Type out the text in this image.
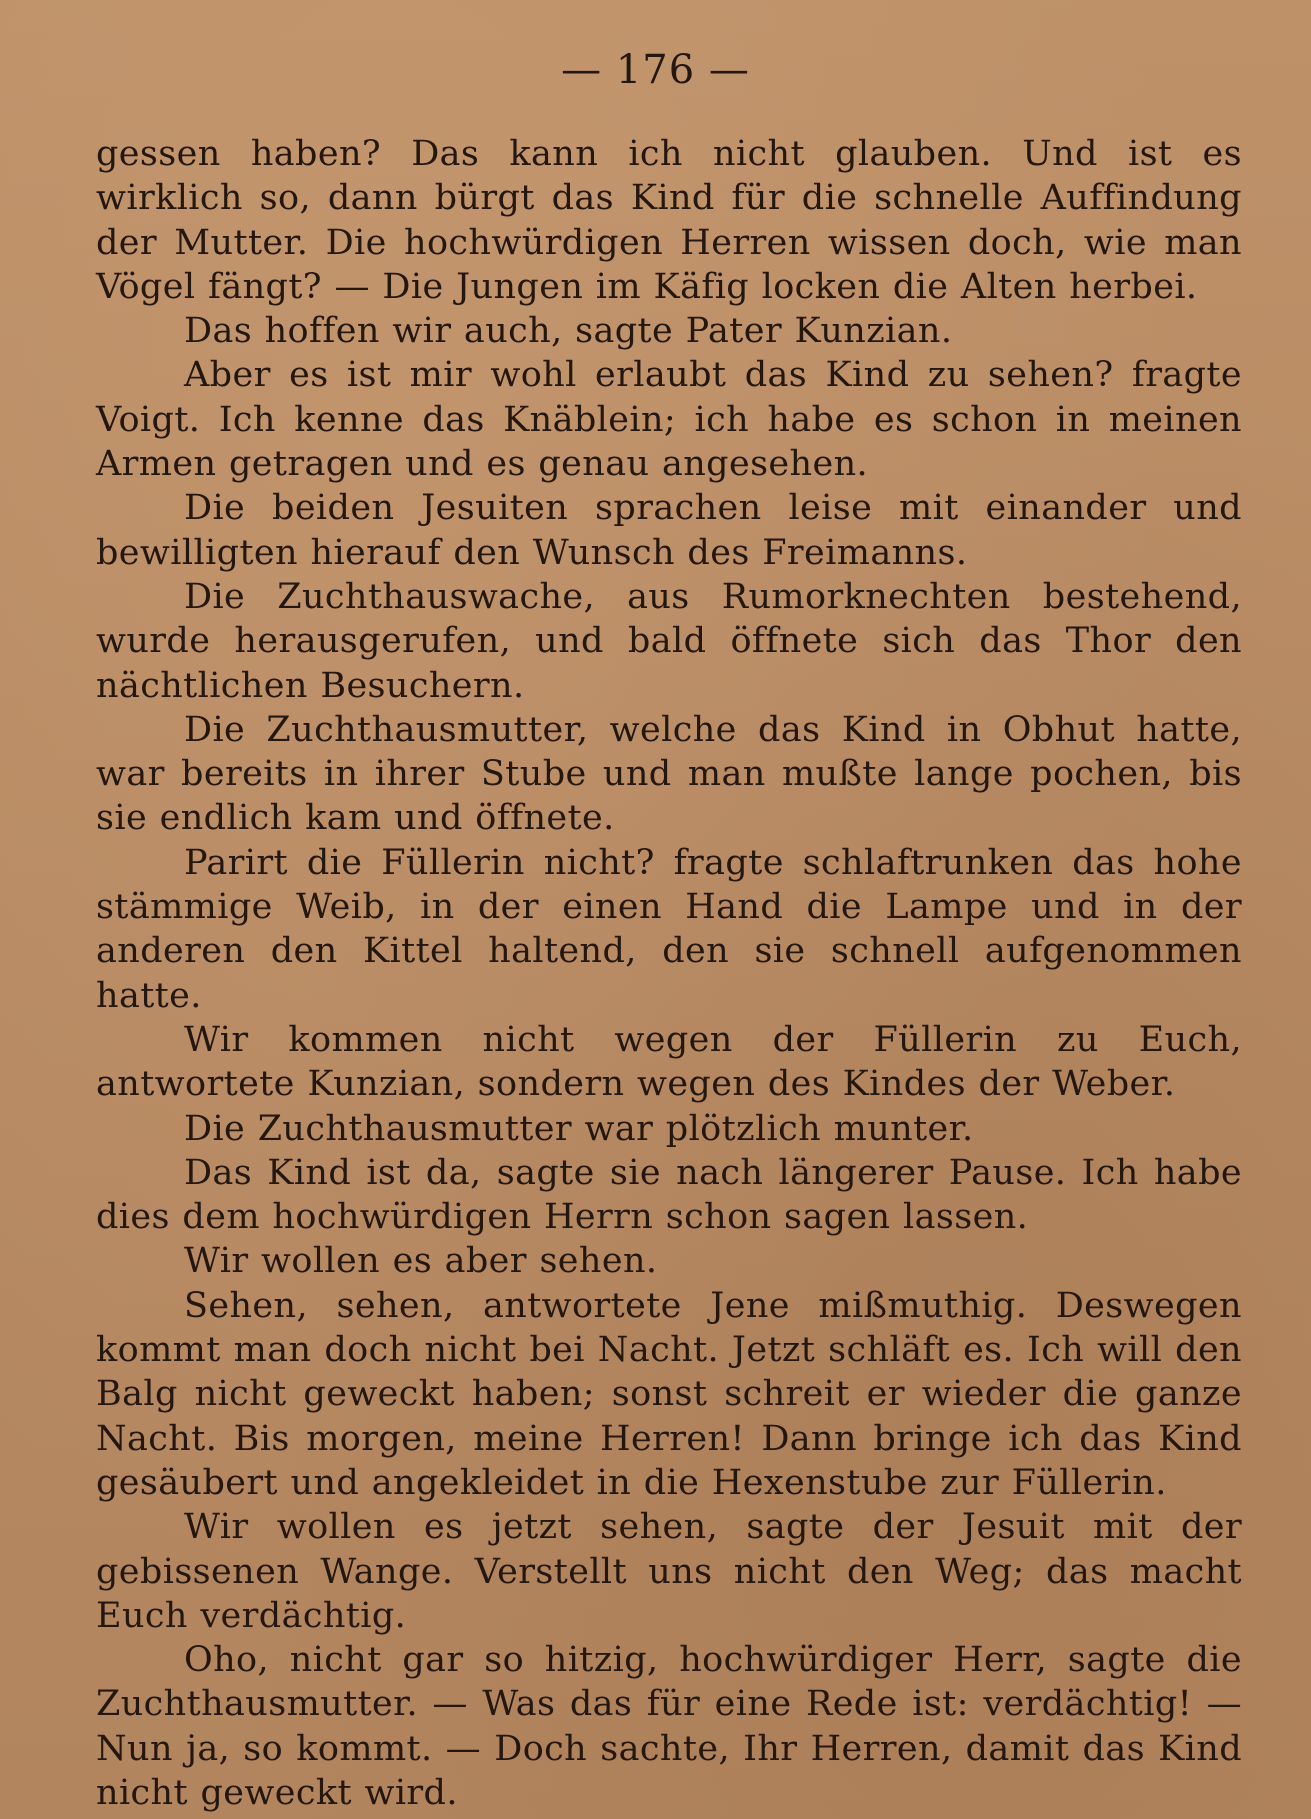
— 176 —

gessen haben? Das kann ich nicht glauben. Und ist es wirklich so, dann bürgt das Kind für die schnelle Auffindung der Mutter. Die hochwürdigen Herren wissen doch, wie man Vögel fängt? — Die Jungen im Käfig locken die Alten herbei.

Das hoffen wir auch, sagte Pater Kunzian.

Aber es ist mir wohl erlaubt das Kind zu sehen? fragte Voigt. Ich kenne das Knäblein; ich habe es schon in meinen Armen getragen und es genau angesehen.

Die beiden Jesuiten sprachen leise mit einander und bewilligten hierauf den Wunsch des Freimanns.

Die Zuchthauswache, aus Rumorknechten bestehend, wurde herausgerufen, und bald öffnete sich das Thor den nächtlichen Besuchern.

Die Zuchthausmutter, welche das Kind in Obhut hatte, war bereits in ihrer Stube und man mußte lange pochen, bis sie endlich kam und öffnete.

Parirt die Füllerin nicht? fragte schlaftrunken das hohe stämmige Weib, in der einen Hand die Lampe und in der anderen den Kittel haltend, den sie schnell aufgenommen hatte.

Wir kommen nicht wegen der Füllerin zu Euch, antwortete Kunzian, sondern wegen des Kindes der Weber.

Die Zuchthausmutter war plötzlich munter.

Das Kind ist da, sagte sie nach längerer Pause. Ich habe dies dem hochwürdigen Herrn schon sagen lassen.

Wir wollen es aber sehen.

Sehen, sehen, antwortete Jene mißmuthig. Deswegen kommt man doch nicht bei Nacht. Jetzt schläft es. Ich will den Balg nicht geweckt haben; sonst schreit er wieder die ganze Nacht. Bis morgen, meine Herren! Dann bringe ich das Kind gesäubert und angekleidet in die Hexenstube zur Füllerin.

Wir wollen es jetzt sehen, sagte der Jesuit mit der gebissenen Wange. Verstellt uns nicht den Weg; das macht Euch verdächtig.

Oho, nicht gar so hitzig, hochwürdiger Herr, sagte die Zuchthausmutter. — Was das für eine Rede ist: verdächtig! — Nun ja, so kommt. — Doch sachte, Ihr Herren, damit das Kind nicht geweckt wird.
